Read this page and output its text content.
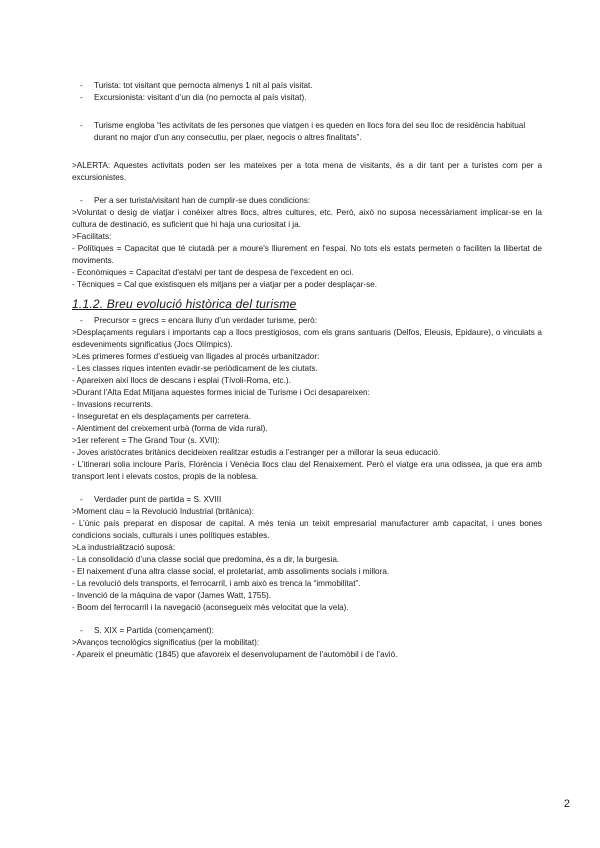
- Turista: tot visitant que pernocta almenys 1 nit al país visitat.
- Excursionista: visitant d’un dia (no pernocta al país visitat).
- Turisme engloba “les activitats de les persones que viatgen i es queden en llocs fora del seu lloc de residència habitual durant no major d’un any consecutiu, per plaer, negocis o altres finalitats”.
>ALERTA: Aquestes activitats poden ser les mateixes per a tota mena de visitants, és a dir tant per a turistes com per a excursionistes.
- Per a ser turista/visitant han de cumplir-se dues condicions:
>Voluntat o desig de viatjar i conèixer altres llocs, altres cultures, etc. Però, això no suposa necessàriament implicar-se en la cultura de destinació, es suficient que hi haja una curiositat i ja.
>Facilitats:
- Polítiques = Capacitat que té ciutadà per a moure's lliurement en l'espai. No tots els estats permeten o faciliten la llibertat de moviments.
- Econòmiques = Capacitat d'estalvi per tant de despesa de l'excedent en oci.
- Tècniques = Cal que existisquen els mitjans per a viatjar per a poder desplaçar-se.
1.1.2. Breu evolució històrica del turisme
- Precursor = grecs = encara lluny d’un verdader turisme, però:
>Desplaçaments regulars i importants cap a llocs prestigiosos, com els grans santuaris (Delfos, Eleusis, Epidaure), o vinculats a esdeveniments significatius (Jocs Olímpics).
>Les primeres formes d’estiueig van lligades al procés urbanitzador:
- Les classes riques intenten evadir-se periòdicament de les ciutats.
- Apareixen així llocs de descans i esplai (Tívoli-Roma, etc.).
>Durant l’Alta Edat Mitjana aquestes formes inicial de Turisme i Oci desapareixen:
- Invasions recurrents.
- Inseguretat en els desplaçaments per carretera.
- Alentiment del creixement urbà (forma de vida rural).
>1er referent = The Grand Tour (s. XVII):
- Joves aristòcrates britànics decideixen realitzar estudis a l’estranger per a millorar la seua educació.
- L’itinerari solia incloure París, Florència i Venècia llocs clau del Renaixement. Però el viatge era una odissea, ja que era amb transport lent i elevats costos, propis de la noblesa.
- Verdader punt de partida = S. XVIII
>Moment clau = la Revolució Industrial (britànica):
- L’únic país preparat en disposar de capital. A més tenia un teixit empresarial manufacturer amb capacitat, i unes bones condicions socials, culturals i unes polítiques estables.
>La industrialització suposà:
- La consolidació d’una classe social que predomina, és a dir, la burgesia.
- El naixement d’una altra classe social, el proletariat, amb assoliments socials i millora.
- La revolució dels transports, el ferrocarril, i amb això es trenca la “immobilitat”.
- Invenció de la màquina de vapor (James Watt, 1755).
- Boom del ferrocarril i la navegació (aconsegueix més velocitat que la vela).
- S. XIX = Partida (començament):
>Avanços tecnològics significatius (per la mobilitat):
- Apareix el pneumàtic (1845) que afavoreix el desenvolupament de l’automòbil i de l’avió.
2
